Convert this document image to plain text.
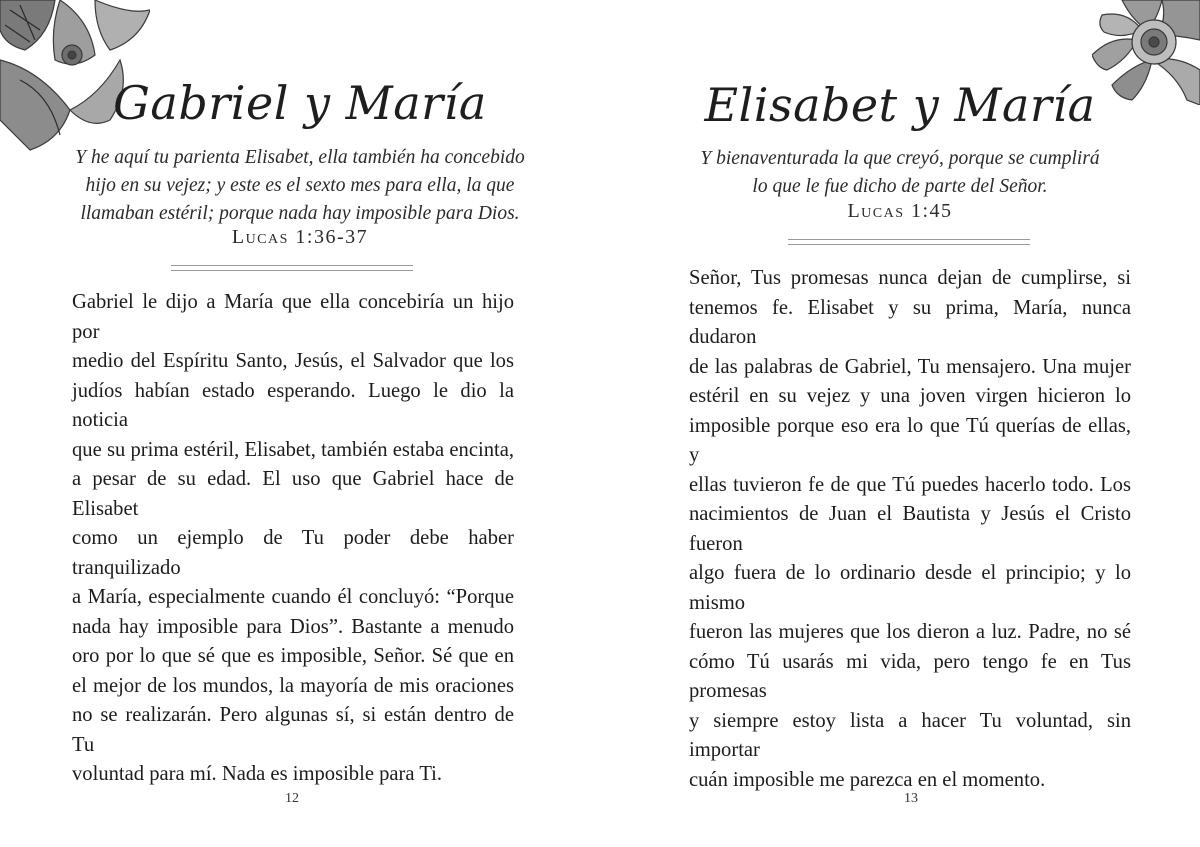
Gabriel y María
Y he aquí tu parienta Elisabet, ella también ha concebido
hijo en su vejez; y este es el sexto mes para ella, la que
llamaban estéril; porque nada hay imposible para Dios.
Lucas 1:36-37
Gabriel le dijo a María que ella concebiría un hijo por
medio del Espíritu Santo, Jesús, el Salvador que los
judíos habían estado esperando. Luego le dio la noticia
que su prima estéril, Elisabet, también estaba encinta,
a pesar de su edad. El uso que Gabriel hace de Elisabet
como un ejemplo de Tu poder debe haber tranquilizado
a María, especialmente cuando él concluyó: “Porque
nada hay imposible para Dios”. Bastante a menudo
oro por lo que sé que es imposible, Señor. Sé que en
el mejor de los mundos, la mayoría de mis oraciones
no se realizarán. Pero algunas sí, si están dentro de Tu
voluntad para mí. Nada es imposible para Ti.
12
Elisabet y María
Y bienaventurada la que creyó, porque se cumplirá
lo que le fue dicho de parte del Señor.
Lucas 1:45
Señor, Tus promesas nunca dejan de cumplirse, si
tenemos fe. Elisabet y su prima, María, nunca dudaron
de las palabras de Gabriel, Tu mensajero. Una mujer
estéril en su vejez y una joven virgen hicieron lo
imposible porque eso era lo que Tú querías de ellas, y
ellas tuvieron fe de que Tú puedes hacerlo todo. Los
nacimientos de Juan el Bautista y Jesús el Cristo fueron
algo fuera de lo ordinario desde el principio; y lo mismo
fueron las mujeres que los dieron a luz. Padre, no sé
cómo Tú usarás mi vida, pero tengo fe en Tus promesas
y siempre estoy lista a hacer Tu voluntad, sin importar
cuán imposible me parezca en el momento.
13
